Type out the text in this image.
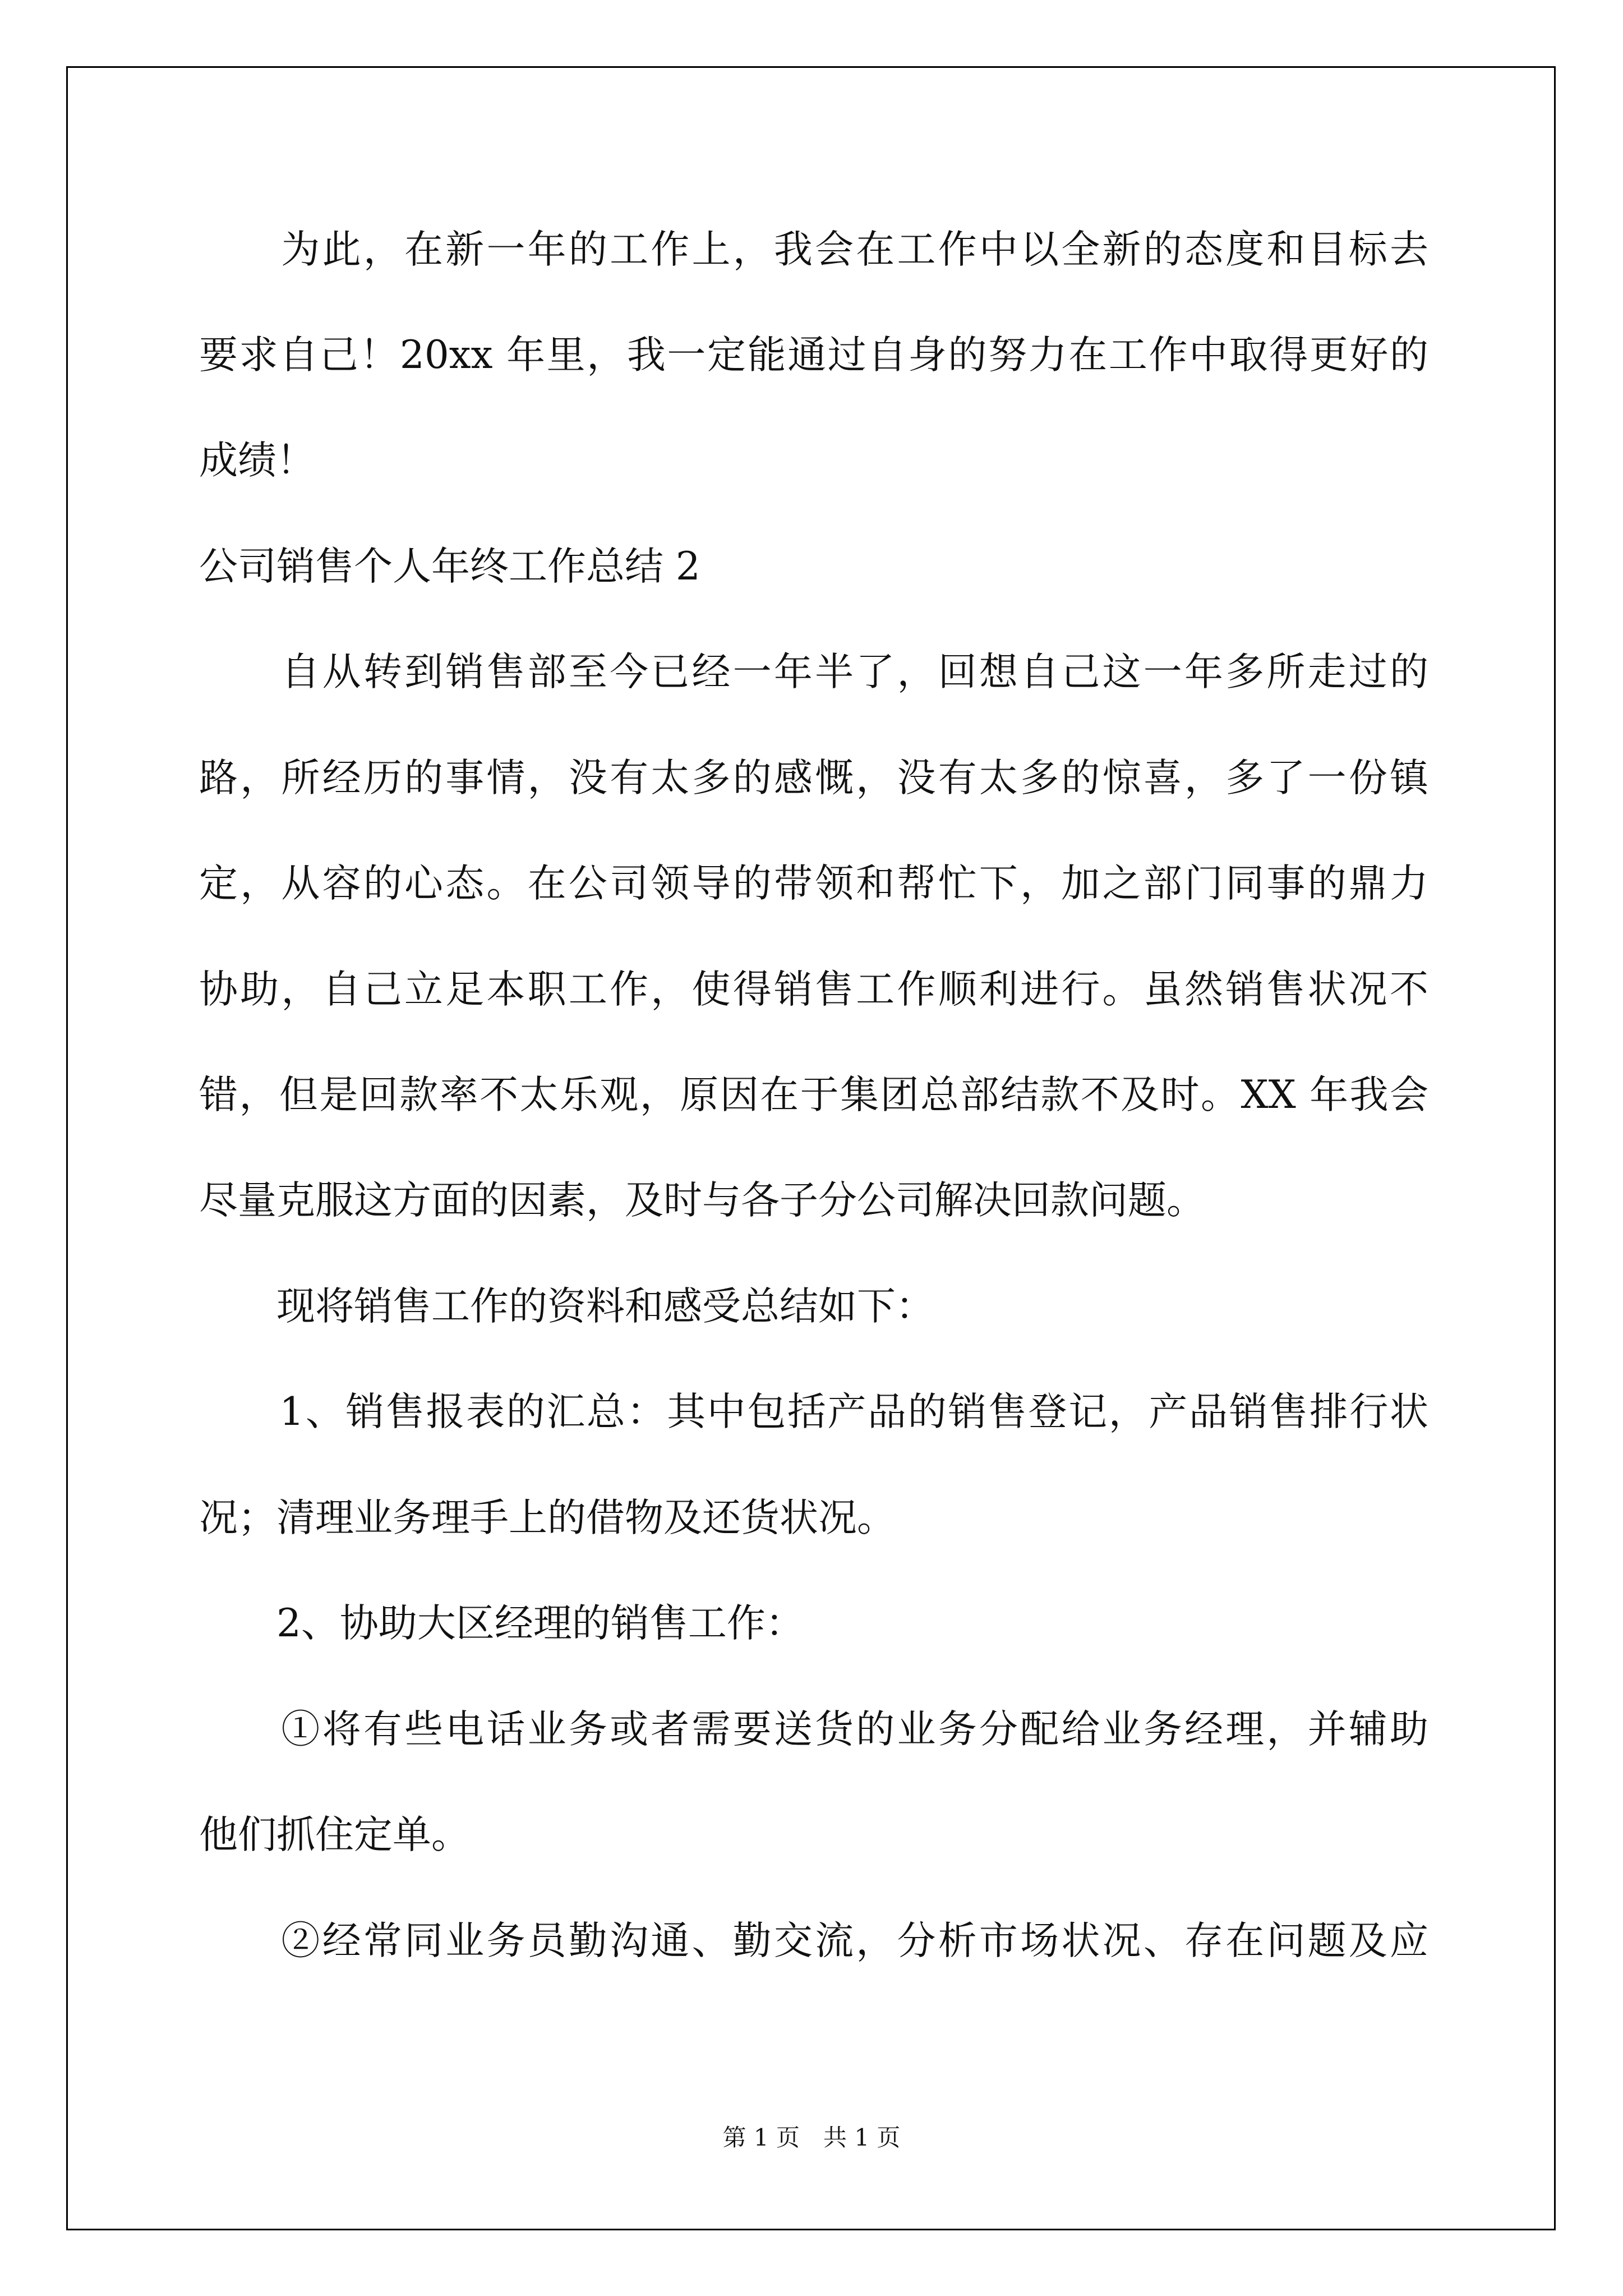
　　为此，在新一年的工作上，我会在工作中以全新的态度和目标去
要求自己！20xx 年里，我一定能通过自身的努力在工作中取得更好的
成绩！
公司销售个人年终工作总结 2
　　自从转到销售部至今已经一年半了，回想自己这一年多所走过的
路，所经历的事情，没有太多的感慨，没有太多的惊喜，多了一份镇
定，从容的心态。在公司领导的带领和帮忙下，加之部门同事的鼎力
协助，自己立足本职工作，使得销售工作顺利进行。虽然销售状况不
错，但是回款率不太乐观，原因在于集团总部结款不及时。XX 年我会
尽量克服这方面的因素，及时与各子分公司解决回款问题。
　　现将销售工作的资料和感受总结如下：
　　1、销售报表的汇总：其中包括产品的销售登记，产品销售排行状
况；清理业务理手上的借物及还货状况。
　　2、协助大区经理的销售工作：
　　①将有些电话业务或者需要送货的业务分配给业务经理，并辅助
他们抓住定单。
　　②经常同业务员勤沟通、勤交流，分析市场状况、存在问题及应
第 1 页　共 1 页
